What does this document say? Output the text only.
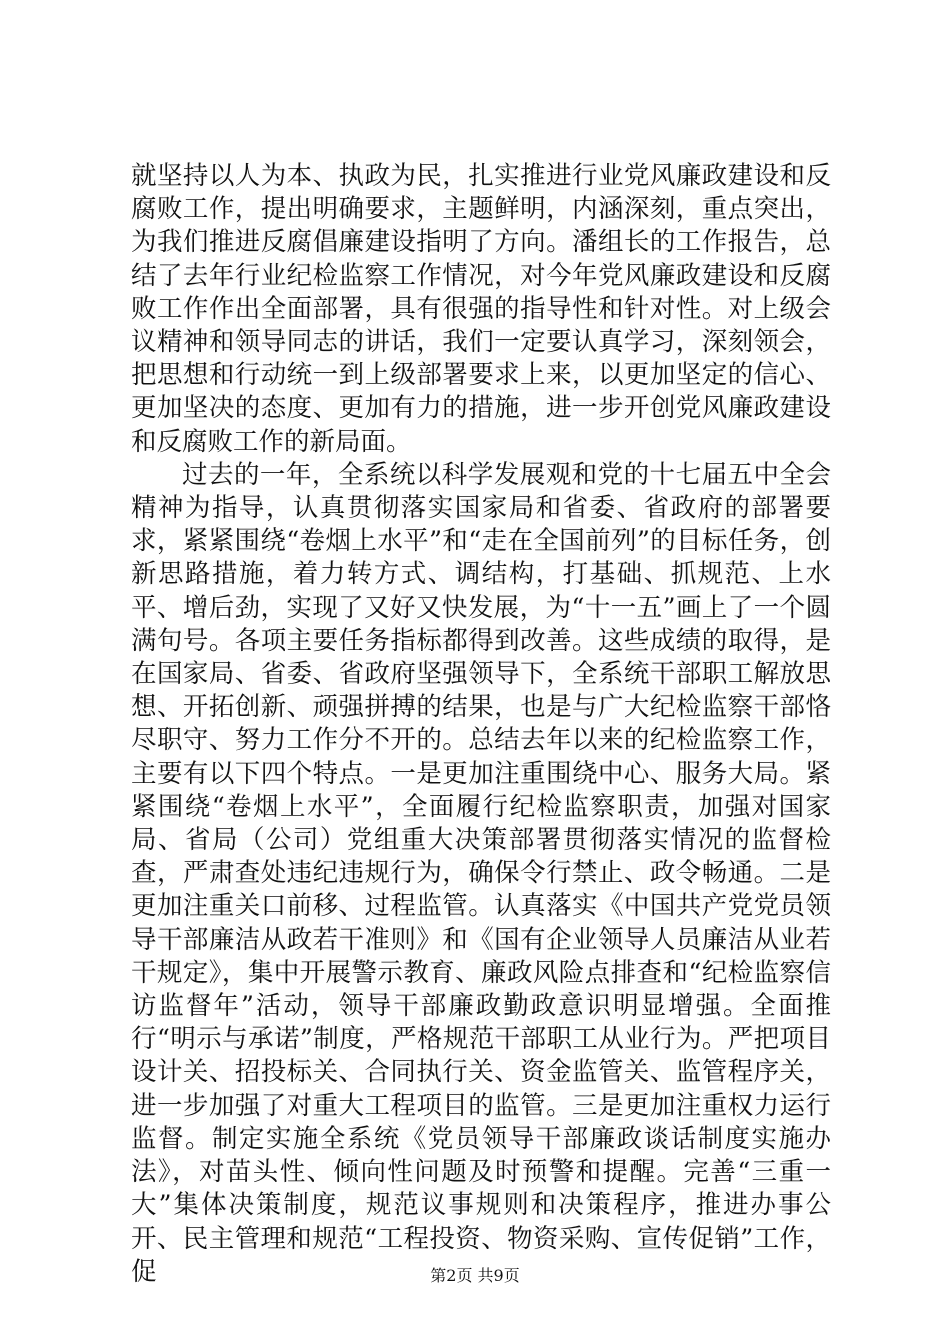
就坚持以人为本、执政为民，扎实推进行业党风廉政建设和反腐败工作，提出明确要求，主题鲜明，内涵深刻，重点突出，为我们推进反腐倡廉建设指明了方向。潘组长的工作报告，总结了去年行业纪检监察工作情况，对今年党风廉政建设和反腐败工作作出全面部署，具有很强的指导性和针对性。对上级会议精神和领导同志的讲话，我们一定要认真学习，深刻领会，把思想和行动统一到上级部署要求上来，以更加坚定的信心、更加坚决的态度、更加有力的措施，进一步开创党风廉政建设和反腐败工作的新局面。

过去的一年，全系统以科学发展观和党的十七届五中全会精神为指导，认真贯彻落实国家局和省委、省政府的部署要求，紧紧围绕“卷烟上水平”和“走在全国前列”的目标任务，创新思路措施，着力转方式、调结构，打基础、抓规范、上水平、增后劲，实现了又好又快发展，为“十一五”画上了一个圆满句号。各项主要任务指标都得到改善。这些成绩的取得，是在国家局、省委、省政府坚强领导下，全系统干部职工解放思想、开拓创新、顽强拼搏的结果，也是与广大纪检监察干部恪尽职守、努力工作分不开的。总结去年以来的纪检监察工作，主要有以下四个特点。一是更加注重围绕中心、服务大局。紧紧围绕“卷烟上水平”，全面履行纪检监察职责，加强对国家局、省局（公司）党组重大决策部署贯彻落实情况的监督检查，严肃查处违纪违规行为，确保令行禁止、政令畅通。二是更加注重关口前移、过程监管。认真落实《中国共产党党员领导干部廉洁从政若干准则》和《国有企业领导人员廉洁从业若干规定》，集中开展警示教育、廉政风险点排查和“纪检监察信访监督年”活动，领导干部廉政勤政意识明显增强。全面推行“明示与承诺”制度，严格规范干部职工从业行为。严把项目设计关、招投标关、合同执行关、资金监管关、监管程序关，进一步加强了对重大工程项目的监管。三是更加注重权力运行监督。制定实施全系统《党员领导干部廉政谈话制度实施办法》，对苗头性、倾向性问题及时预警和提醒。完善“三重一大”集体决策制度，规范议事规则和决策程序，推进办事公开、民主管理和规范“工程投资、物资采购、宣传促销”工作，促	第2页 共9页
